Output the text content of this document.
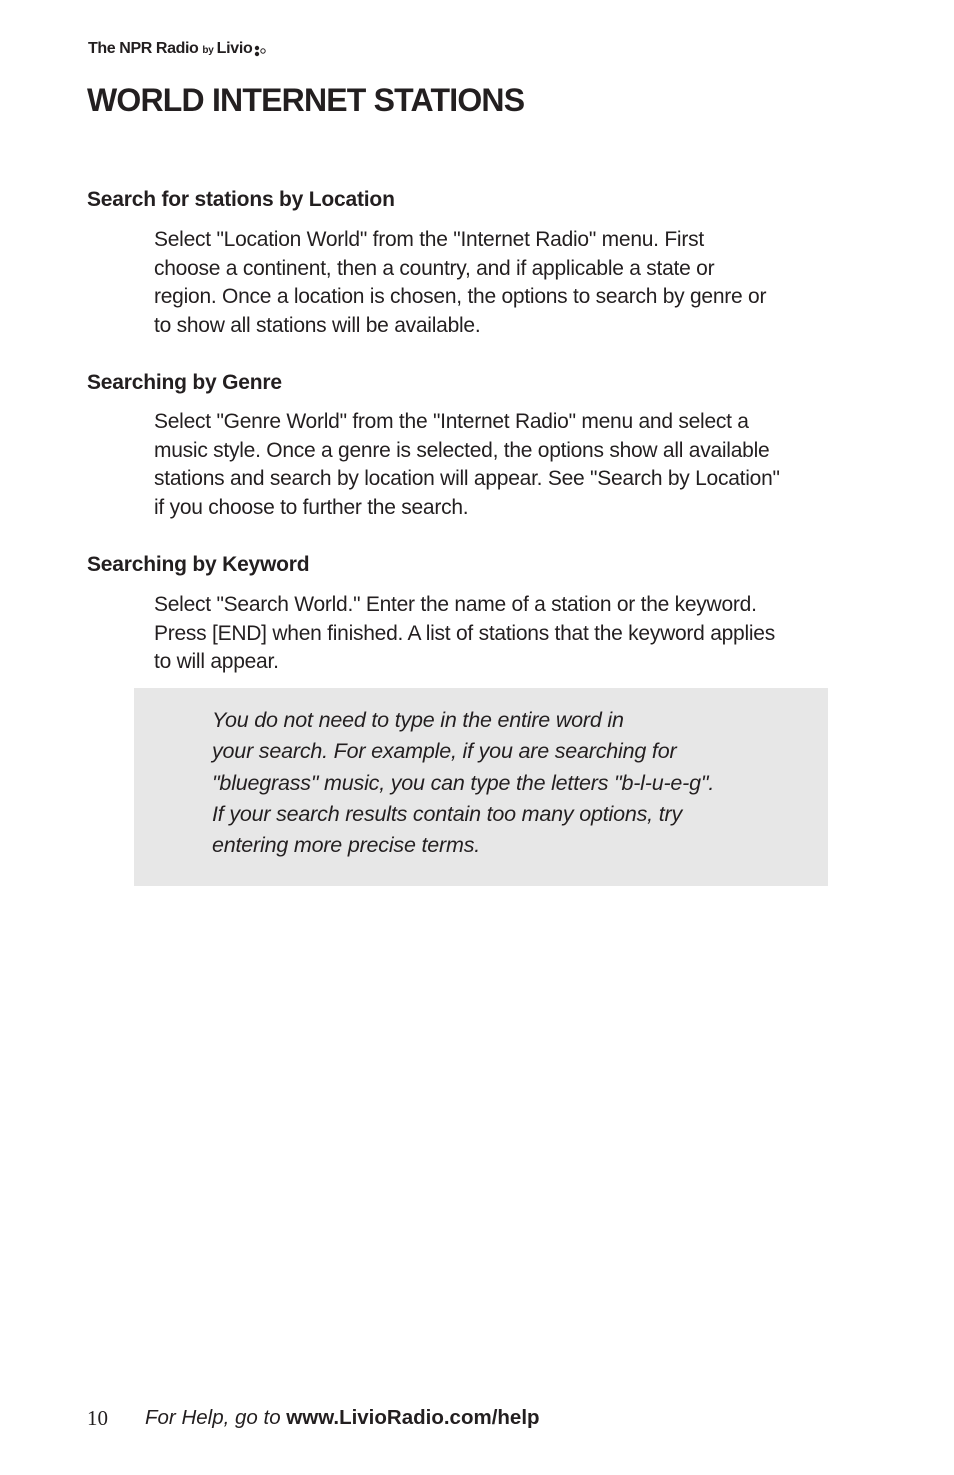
The NPR Radio by Livio
WORLD INTERNET STATIONS
Search for stations by Location

Select "Location World" from the "Internet Radio" menu. First
choose a continent, then a country, and if applicable a state or
region. Once a location is chosen, the options to search by genre or
to show all stations will be available.

Searching by Genre

Select "Genre World" from the "Internet Radio" menu and select a
music style. Once a genre is selected, the options show all available
stations and search by location will appear. See "Search by Location"
if you choose to further the search.

Searching by Keyword

Select "Search World." Enter the name of a station or the keyword.
Press [END] when finished. A list of stations that the keyword applies
to will appear.

You do not need to type in the entire word in
your search. For example, if you are searching for
"bluegrass" music, you can type the letters "b-l-u-e-g".
If your search results contain too many options, try
entering more precise terms.

10 For Help, go to www.LivioRadio.com/help
